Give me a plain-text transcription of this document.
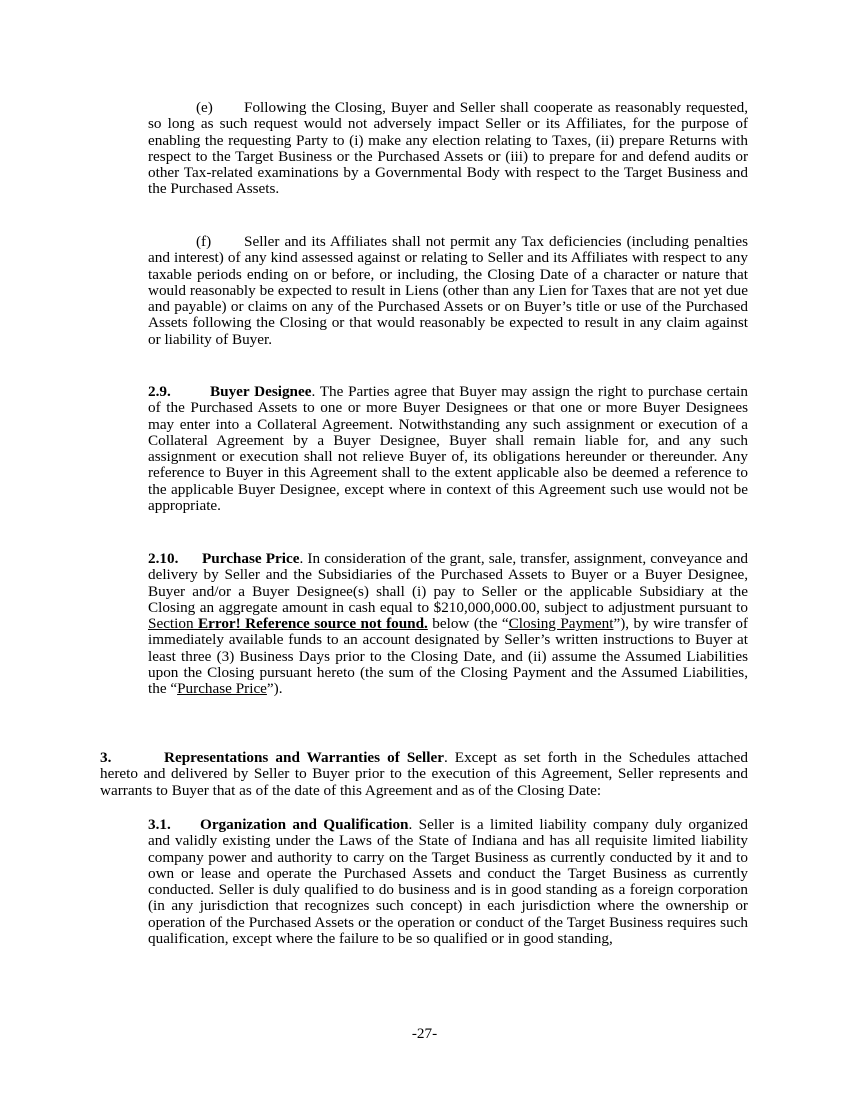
(e) Following the Closing, Buyer and Seller shall cooperate as reasonably requested, so long as such request would not adversely impact Seller or its Affiliates, for the purpose of enabling the requesting Party to (i) make any election relating to Taxes, (ii) prepare Returns with respect to the Target Business or the Purchased Assets or (iii) to prepare for and defend audits or other Tax-related examinations by a Governmental Body with respect to the Target Business and the Purchased Assets.

(f) Seller and its Affiliates shall not permit any Tax deficiencies (including penalties and interest) of any kind assessed against or relating to Seller and its Affiliates with respect to any taxable periods ending on or before, or including, the Closing Date of a character or nature that would reasonably be expected to result in Liens (other than any Lien for Taxes that are not yet due and payable) or claims on any of the Purchased Assets or on Buyer’s title or use of the Purchased Assets following the Closing or that would reasonably be expected to result in any claim against or liability of Buyer.

2.9.	Buyer Designee. The Parties agree that Buyer may assign the right to purchase certain of the Purchased Assets to one or more Buyer Designees or that one or more Buyer Designees may enter into a Collateral Agreement. Notwithstanding any such assignment or execution of a Collateral Agreement by a Buyer Designee, Buyer shall remain liable for, and any such assignment or execution shall not relieve Buyer of, its obligations hereunder or thereunder. Any reference to Buyer in this Agreement shall to the extent applicable also be deemed a reference to the applicable Buyer Designee, except where in context of this Agreement such use would not be appropriate.

2.10. Purchase Price. In consideration of the grant, sale, transfer, assignment, conveyance and delivery by Seller and the Subsidiaries of the Purchased Assets to Buyer or a Buyer Designee, Buyer and/or a Buyer Designee(s) shall (i) pay to Seller or the applicable Subsidiary at the Closing an aggregate amount in cash equal to $210,000,000.00, subject to adjustment pursuant to Section Error! Reference source not found. below (the “Closing Payment”), by wire transfer of immediately available funds to an account designated by Seller’s written instructions to Buyer at least three (3) Business Days prior to the Closing Date, and (ii) assume the Assumed Liabilities upon the Closing pursuant hereto (the sum of the Closing Payment and the Assumed Liabilities, the “Purchase Price”).

3.	Representations and Warranties of Seller. Except as set forth in the Schedules attached hereto and delivered by Seller to Buyer prior to the execution of this Agreement, Seller represents and warrants to Buyer that as of the date of this Agreement and as of the Closing Date:

3.1. Organization and Qualification. Seller is a limited liability company duly organized and validly existing under the Laws of the State of Indiana and has all requisite limited liability company power and authority to carry on the Target Business as currently conducted by it and to own or lease and operate the Purchased Assets and conduct the Target Business as currently conducted. Seller is duly qualified to do business and is in good standing as a foreign corporation (in any jurisdiction that recognizes such concept) in each jurisdiction where the ownership or operation of the Purchased Assets or the operation or conduct of the Target Business requires such qualification, except where the failure to be so qualified or in good standing,

-27-
